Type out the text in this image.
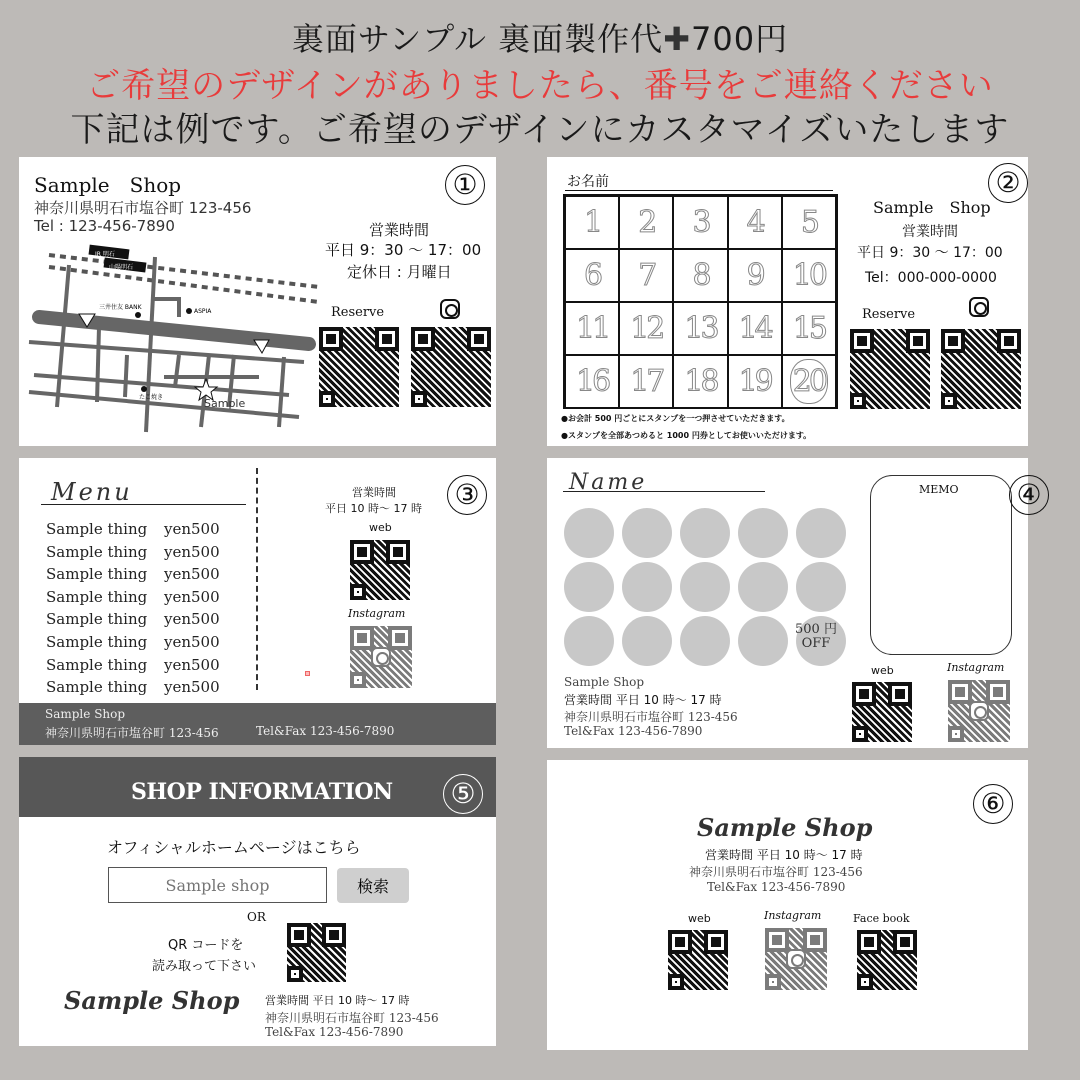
裏面サンプル 裏面製作代✚700円
ご希望のデザインがありましたら、番号をご連絡ください
下記は例です。ご希望のデザインにカスタマイズいたします
①
Sample　Shop
神奈川県明石市塩谷町 123-456
Tel : 123-456-7890	営業時間
平日 9：30 〜 17：00
定休日 : 月曜日
Reserve
JR 明石
山陽明石
三井住友 BANK
ASPIA
たこ焼き	Sample
②
お名前
1	2	3	4	5
6	7	8	9	10
11 12 13 14 15
16 17 18 19 20
Sample　Shop
営業時間
平日 9：30 〜 17：00
Tel：000-000-0000
Reserve
●お会計 500 円ごとにスタンプを一つ押させていただきます。
●スタンプを全部あつめると 1000 円券としてお使いいただけます。
③
Menu
Sample thing yen500
Sample thing yen500
Sample thing yen500
Sample thing yen500
Sample thing yen500
Sample thing yen500
Sample thing yen500
Sample thing yen500
営業時間
平日 10 時〜 17 時
web
Instagram
Sample Shop
神奈川県明石市塩谷町 123-456	Tel&Fax 123-456-7890
Name
500 円
OFF
MEMO ④
Sample Shop
営業時間 平日 10 時〜 17 時
神奈川県明石市塩谷町 123-456
Tel&Fax 123-456-7890
web	Instagram
SHOP INFORMATION ⑤
オフィシャルホームページはこちら
Sample shop
検索
OR
QR コードを
読み取って下さい
Sample Shop 営業時間 平日 10 時〜 17 時
神奈川県明石市塩谷町 123-456
Tel&Fax 123-456-7890
⑥
Sample Shop
営業時間 平日 10 時〜 17 時
神奈川県明石市塩谷町 123-456
Tel&Fax 123-456-7890
web	Instagram	Face book
